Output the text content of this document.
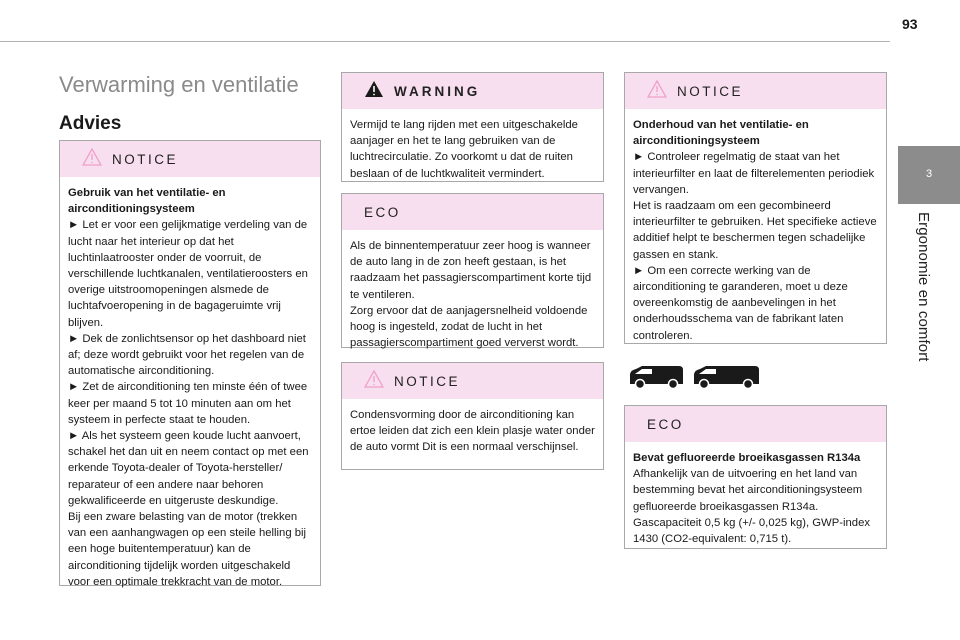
93
3
Ergonomie en comfort
Verwarming en ventilatie
Advies
NOTICE

Gebruik van het ventilatie- en airconditioningsysteem

► Let er voor een gelijkmatige verdeling van de lucht naar het interieur op dat het luchtinlaatrooster onder de voorruit, de verschillende luchtkanalen, ventilatieroosters en overige uitstroomopeningen alsmede de luchtafvoeropening in de bagageruimte vrij blijven.

► Dek de zonlichtsensor op het dashboard niet af; deze wordt gebruikt voor het regelen van de automatische airconditioning.

► Zet de airconditioning ten minste één of twee keer per maand 5 tot 10 minuten aan om het systeem in perfecte staat te houden.

► Als het systeem geen koude lucht aanvoert, schakel het dan uit en neem contact op met een erkende Toyota-dealer of Toyota-hersteller/ reparateur of een andere naar behoren gekwalificeerde en uitgeruste deskundige.

Bij een zware belasting van de motor (trekken van een aanhangwagen op een steile helling bij een hoge buitentemperatuur) kan de airconditioning tijdelijk worden uitgeschakeld voor een optimale trekkracht van de motor.

WARNING

Vermijd te lang rijden met een uitgeschakelde aanjager en het te lang gebruiken van de luchtrecirculatie. Zo voorkomt u dat de ruiten beslaan of de luchtkwaliteit vermindert.

ECO

Als de binnentemperatuur zeer hoog is wanneer de auto lang in de zon heeft gestaan, is het raadzaam het passagierscompartiment korte tijd te ventileren.

Zorg ervoor dat de aanjagersnelheid voldoende hoog is ingesteld, zodat de lucht in het passagierscompartiment goed ververst wordt.

NOTICE

Condensvorming door de airconditioning kan ertoe leiden dat zich een klein plasje water onder de auto vormt Dit is een normaal verschijnsel.

NOTICE

Onderhoud van het ventilatie- en airconditioningsysteem

► Controleer regelmatig de staat van het interieurfilter en laat de filterelementen periodiek vervangen.

Het is raadzaam om een gecombineerd interieurfilter te gebruiken. Het specifieke actieve additief helpt te beschermen tegen schadelijke gassen en stank.

► Om een correcte werking van de airconditioning te garanderen, moet u deze overeenkomstig de aanbevelingen in het onderhoudsschema van de fabrikant laten controleren.

ECO

Bevat gefluoreerde broeikasgassen R134a

Afhankelijk van de uitvoering en het land van bestemming bevat het airconditioningsysteem gefluoreerde broeikasgassen R134a. Gascapaciteit 0,5 kg (+/- 0,025 kg), GWP-index 1430 (CO2-equivalent: 0,715 t).
